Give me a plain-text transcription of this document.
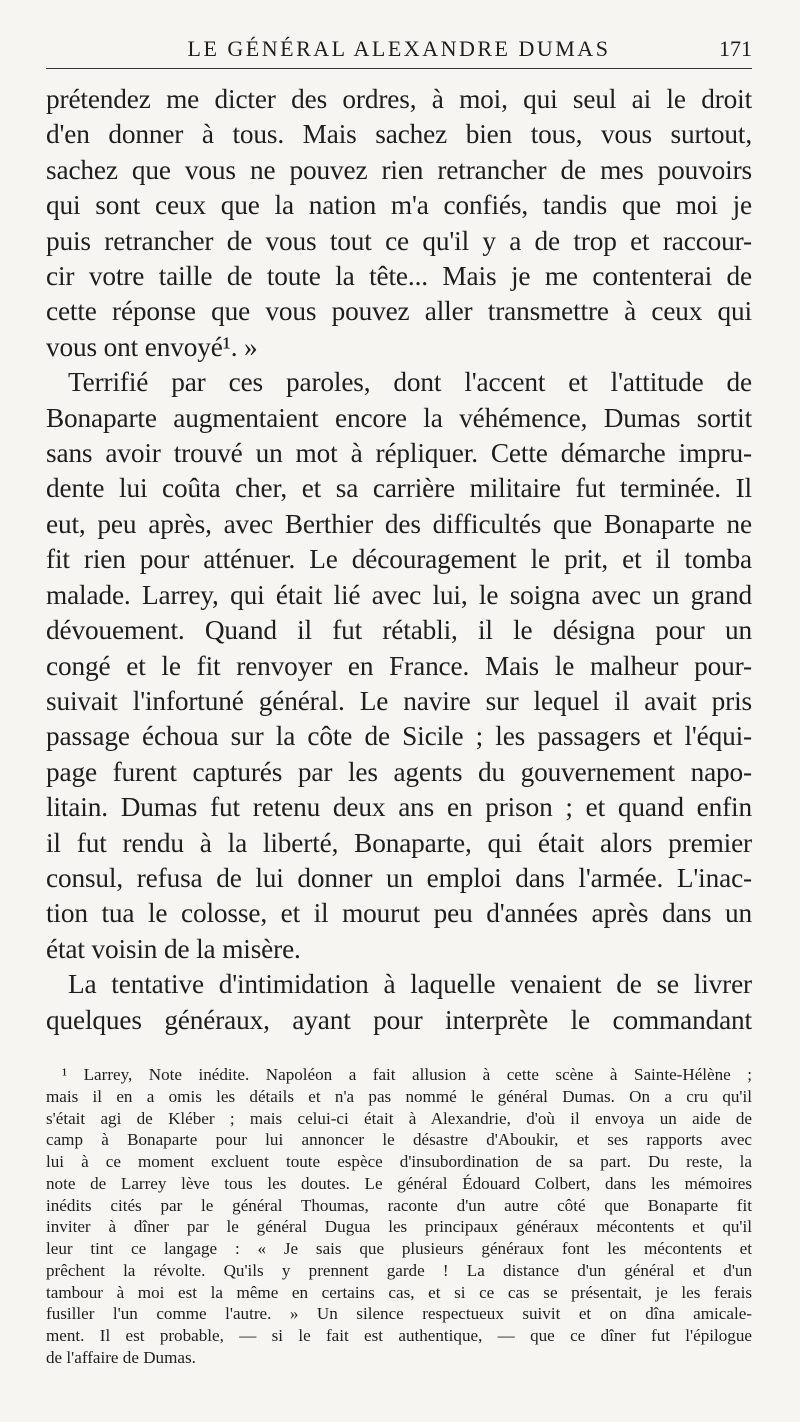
LE GÉNÉRAL ALEXANDRE DUMAS	171
prétendez me dicter des ordres, à moi, qui seul ai le droit
d'en donner à tous. Mais sachez bien tous, vous surtout,
sachez que vous ne pouvez rien retrancher de mes pouvoirs
qui sont ceux que la nation m'a confiés, tandis que moi je
puis retrancher de vous tout ce qu'il y a de trop et raccour-
cir votre taille de toute la tête... Mais je me contenterai de
cette réponse que vous pouvez aller transmettre à ceux qui
vous ont envoyé¹. »
Terrifié par ces paroles, dont l'accent et l'attitude de
Bonaparte augmentaient encore la véhémence, Dumas sortit
sans avoir trouvé un mot à répliquer. Cette démarche impru-
dente lui coûta cher, et sa carrière militaire fut terminée. Il
eut, peu après, avec Berthier des difficultés que Bonaparte ne
fit rien pour atténuer. Le découragement le prit, et il tomba
malade. Larrey, qui était lié avec lui, le soigna avec un grand
dévouement. Quand il fut rétabli, il le désigna pour un
congé et le fit renvoyer en France. Mais le malheur pour-
suivait l'infortuné général. Le navire sur lequel il avait pris
passage échoua sur la côte de Sicile ; les passagers et l'équi-
page furent capturés par les agents du gouvernement napo-
litain. Dumas fut retenu deux ans en prison ; et quand enfin
il fut rendu à la liberté, Bonaparte, qui était alors premier
consul, refusa de lui donner un emploi dans l'armée. L'inac-
tion tua le colosse, et il mourut peu d'années après dans un
état voisin de la misère.
La tentative d'intimidation à laquelle venaient de se livrer
quelques généraux, ayant pour interprète le commandant
¹ Larrey, Note inédite. Napoléon a fait allusion à cette scène à Sainte-Hélène ;
mais il en a omis les détails et n'a pas nommé le général Dumas. On a cru qu'il
s'était agi de Kléber ; mais celui-ci était à Alexandrie, d'où il envoya un aide de
camp à Bonaparte pour lui annoncer le désastre d'Aboukir, et ses rapports avec
lui à ce moment excluent toute espèce d'insubordination de sa part. Du reste, la
note de Larrey lève tous les doutes. Le général Édouard Colbert, dans les mémoires
inédits cités par le général Thoumas, raconte d'un autre côté que Bonaparte fit
inviter à dîner par le général Dugua les principaux généraux mécontents et qu'il
leur tint ce langage : « Je sais que plusieurs généraux font les mécontents et
prêchent la révolte. Qu'ils y prennent garde ! La distance d'un général et d'un
tambour à moi est la même en certains cas, et si ce cas se présentait, je les ferais
fusiller l'un comme l'autre. » Un silence respectueux suivit et on dîna amicale-
ment. Il est probable, — si le fait est authentique, — que ce dîner fut l'épilogue
de l'affaire de Dumas.
